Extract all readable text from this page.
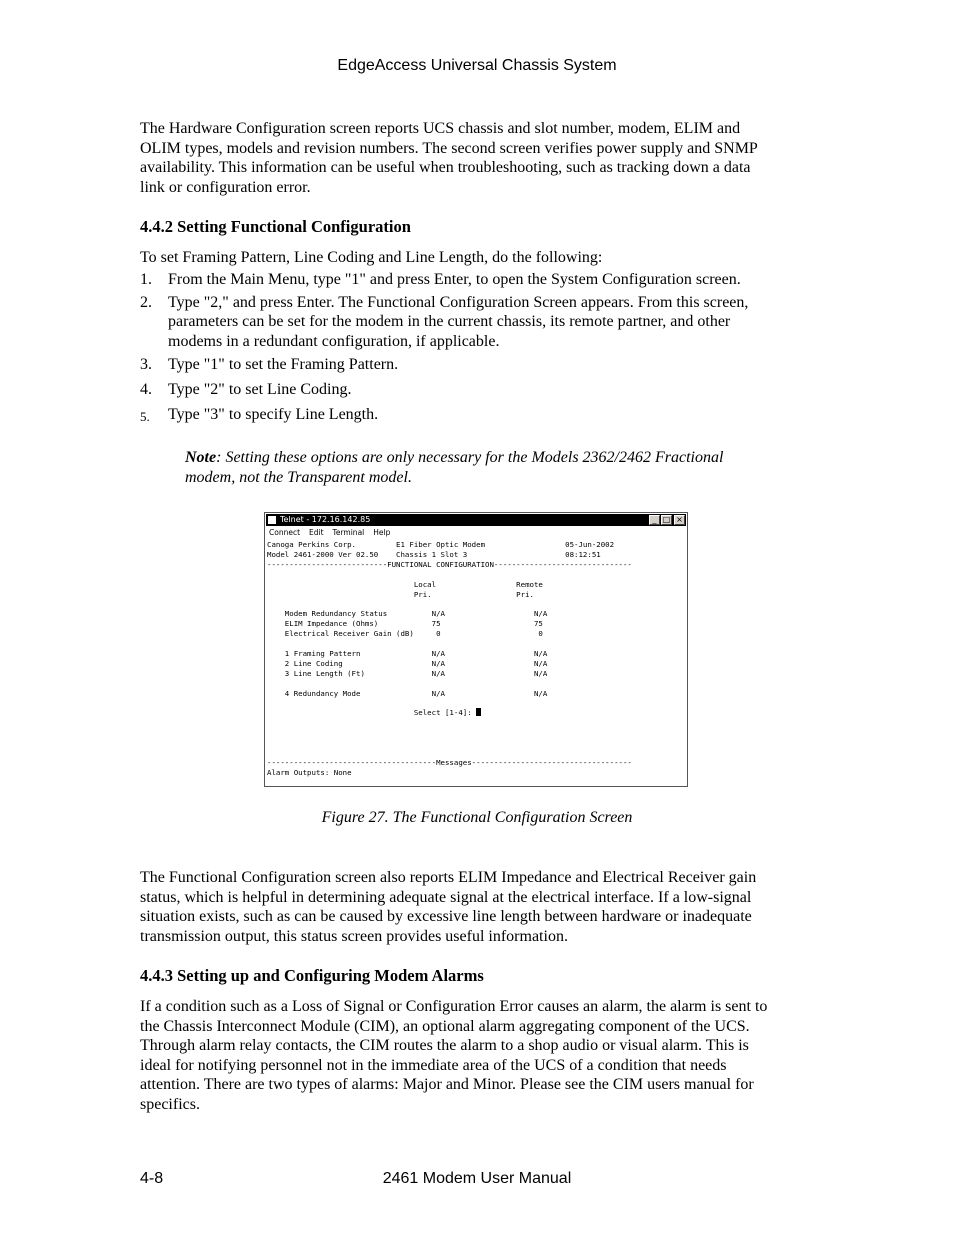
EdgeAccess Universal Chassis System
The Hardware Configuration screen reports UCS chassis and slot number, modem, ELIM and
OLIM types, models and revision numbers. The second screen verifies power supply and SNMP
availability. This information can be useful when troubleshooting, such as tracking down a data
link or configuration error.
4.4.2 Setting Functional Configuration
To set Framing Pattern, Line Coding and Line Length, do the following:
1. From the Main Menu, type "1" and press Enter, to open the System Configuration screen.
2. Type "2," and press Enter. The Functional Configuration Screen appears. From this screen,
parameters can be set for the modem in the current chassis, its remote partner, and other
modems in a redundant configuration, if applicable.
3. Type "1" to set the Framing Pattern.
4. Type "2" to set Line Coding.
5. Type "3" to specify Line Length.
Note: Setting these options are only necessary for the Models 2362/2462 Fractional
modem, not the Transparent model.
Telnet - 172.16.142.85	_ □ ×
Connect Edit Terminal Help
Canoga Perkins Corp.         E1 Fiber Optic Modem                  05-Jun-2002
Model 2461-2000 Ver 02.50    Chassis 1 Slot 3                      08:12:51
---------------------------FUNCTIONAL CONFIGURATION-------------------------------

Local                  Remote
Pri.                   Pri.

Modem Redundancy Status          N/A                    N/A
ELIM Impedance (Ohms)            75                     75
Electrical Receiver Gain (dB)     0                      0

1 Framing Pattern                N/A                    N/A
2 Line Coding                    N/A                    N/A
3 Line Length (Ft)               N/A                    N/A

4 Redundancy Mode                N/A                    N/A

Select [1-4]:
--------------------------------------Messages------------------------------------
Alarm Outputs: None
Figure 27. The Functional Configuration Screen
The Functional Configuration screen also reports ELIM Impedance and Electrical Receiver gain
status, which is helpful in determining adequate signal at the electrical interface. If a low-signal
situation exists, such as can be caused by excessive line length between hardware or inadequate
transmission output, this status screen provides useful information.
4.4.3 Setting up and Configuring Modem Alarms
If a condition such as a Loss of Signal or Configuration Error causes an alarm, the alarm is sent to
the Chassis Interconnect Module (CIM), an optional alarm aggregating component of the UCS.
Through alarm relay contacts, the CIM routes the alarm to a shop audio or visual alarm. This is
ideal for notifying personnel not in the immediate area of the UCS of a condition that needs
attention. There are two types of alarms: Major and Minor. Please see the CIM users manual for
specifics.
4-8	2461 Modem User Manual
